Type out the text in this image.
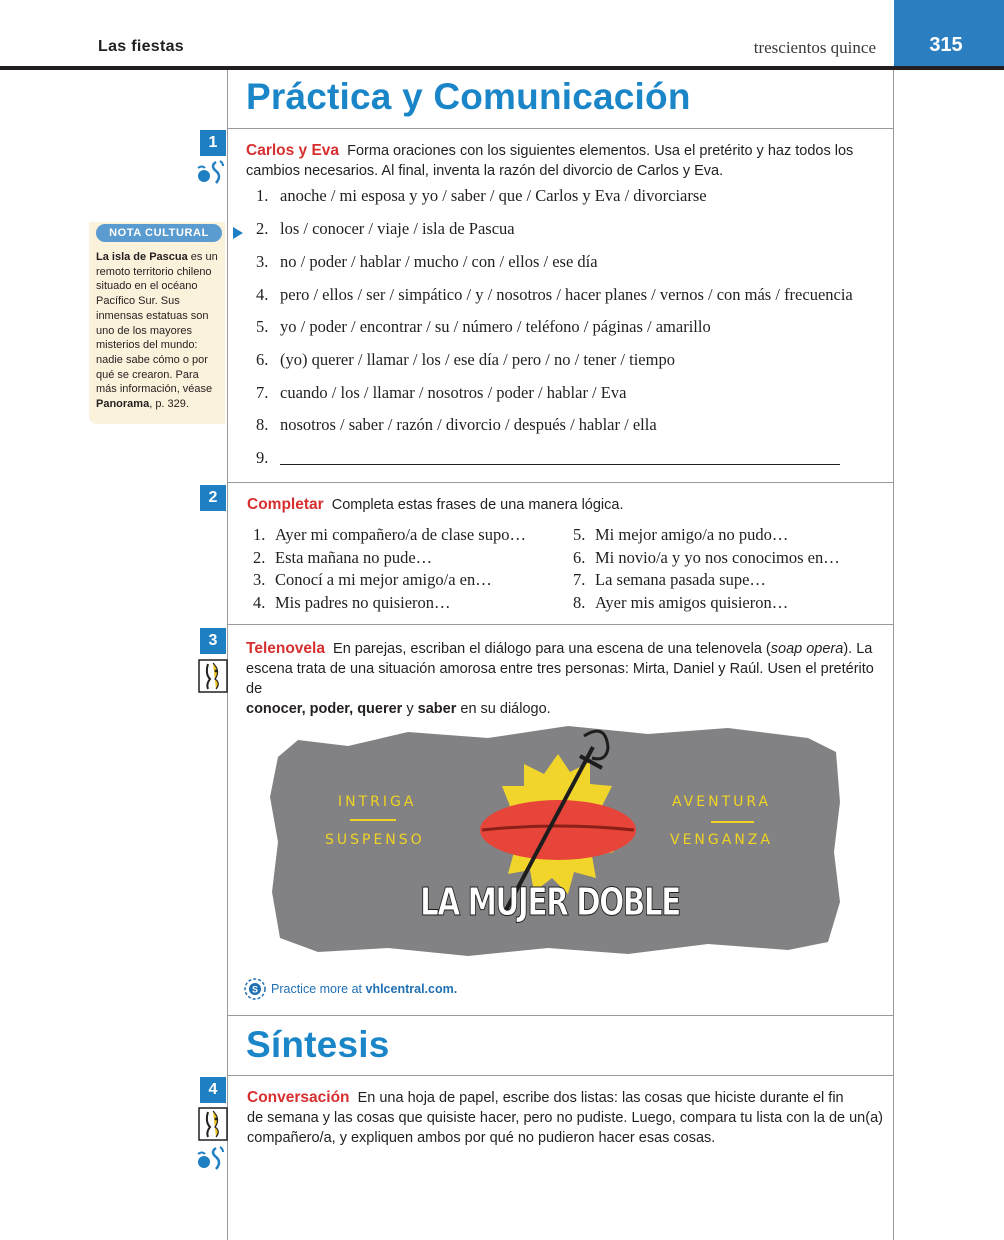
Las fiestas	trescientos quince	315
Práctica y Comunicación
1	Carlos y Eva Forma oraciones con los siguientes elementos. Usa el pretérito y haz todos los
cambios necesarios. Al final, inventa la razón del divorcio de Carlos y Eva.
1. anoche / mi esposa y yo / saber / que / Carlos y Eva / divorciarse
2. los / conocer / viaje / isla de Pascua
3. no / poder / hablar / mucho / con / ellos / ese día
4. pero / ellos / ser / simpático / y / nosotros / hacer planes / vernos / con más / frecuencia
5. yo / poder / encontrar / su / número / teléfono / páginas / amarillo
6. (yo) querer / llamar / los / ese día / pero / no / tener / tiempo
7. cuando / los / llamar / nosotros / poder / hablar / Eva
8. nosotros / saber / razón / divorcio / después / hablar / ella
9.
NOTA CULTURAL
La isla de Pascua es un remoto territorio chileno situado en el océano Pacífico Sur. Sus inmensas estatuas son uno de los mayores misterios del mundo: nadie sabe cómo o por qué se crearon. Para más información, véase Panorama, p. 329.
2	Completar Completa estas frases de una manera lógica.
1. Ayer mi compañero/a de clase supo…
2. Esta mañana no pude…
3. Conocí a mi mejor amigo/a en…
4. Mis padres no quisieron…
5. Mi mejor amigo/a no pudo…
6. Mi novio/a y yo nos conocimos en…
7. La semana pasada supe…
8. Ayer mis amigos quisieron…
3	Telenovela En parejas, escriban el diálogo para una escena de una telenovela (soap opera). La
escena trata de una situación amorosa entre tres personas: Mirta, Daniel y Raúl. Usen el pretérito de
conocer, poder, querer y saber en su diálogo.
INTRIGA
SUSPENSO
AVENTURA
VENGANZA
LA MUJER DOBLE
S Practice more at vhlcentral.com.
Síntesis
4	Conversación En una hoja de papel, escribe dos listas: las cosas que hiciste durante el fin
de semana y las cosas que quisiste hacer, pero no pudiste. Luego, compara tu lista con la de un(a)
compañero/a, y expliquen ambos por qué no pudieron hacer esas cosas.
